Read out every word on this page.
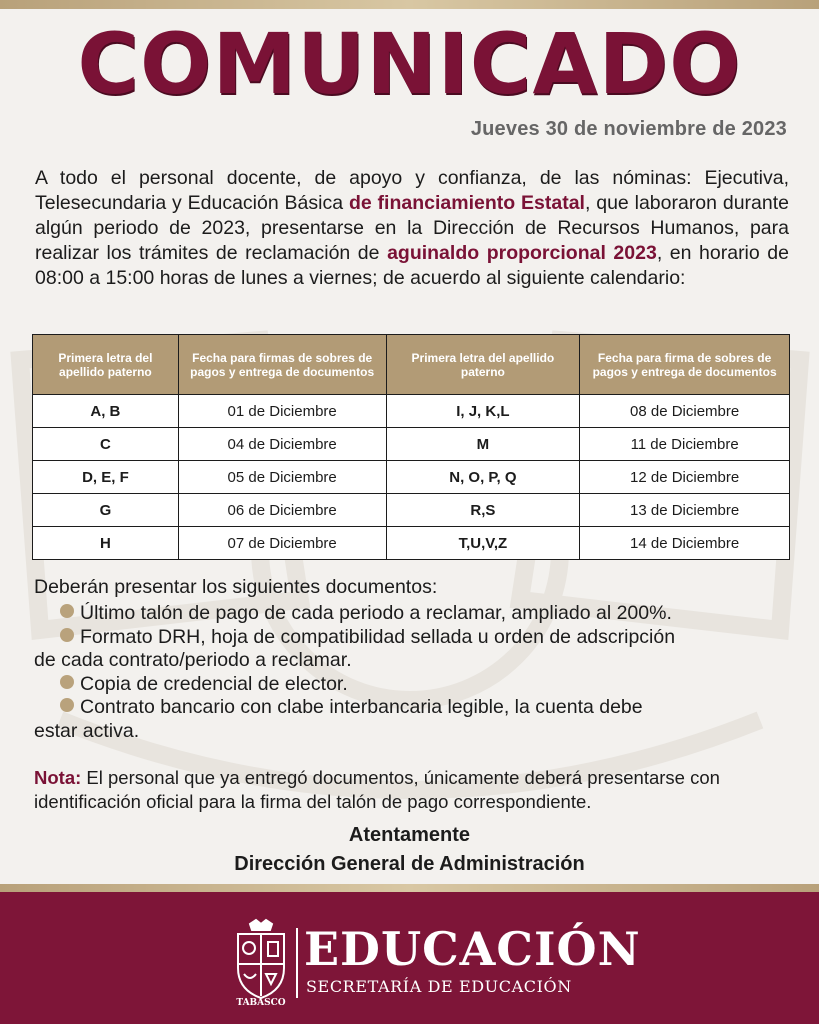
COMUNICADO
Jueves 30 de noviembre de 2023

A todo el personal docente, de apoyo y confianza, de las nóminas: Ejecutiva, Telesecundaria y Educación Básica de financiamiento Estatal, que laboraron durante algún periodo de 2023, presentarse en la Dirección de Recursos Humanos, para realizar los trámites de reclamación de aguinaldo proporcional 2023, en horario de 08:00 a 15:00 horas de lunes a viernes; de acuerdo al siguiente calendario:

Primera letra del apellido paterno	Fecha para firmas de sobres de pagos y entrega de documentos	Primera letra del apellido paterno	Fecha para firma de sobres de pagos y entrega de documentos
A, B	01 de Diciembre	I, J, K,L	08 de Diciembre
C	04 de Diciembre	M	11 de Diciembre
D, E, F	05 de Diciembre	N, O, P, Q	12 de Diciembre
G	06 de Diciembre	R,S	13 de Diciembre
H	07 de Diciembre	T,U,V,Z	14 de Diciembre
Deberán presentar los siguientes documentos:
Último talón de pago de cada periodo a reclamar, ampliado al 200%.
Formato DRH, hoja de compatibilidad sellada u orden de adscripción
de cada contrato/periodo a reclamar.
Copia de credencial de elector.
Contrato bancario con clabe interbancaria legible, la cuenta debe
estar activa.

Nota: El personal que ya entregó documentos, únicamente deberá presentarse con identificación oficial para la firma del talón de pago correspondiente.

Atentamente
Dirección General de Administración
TABASCO
EDUCACIÓN
SECRETARÍA DE EDUCACIÓN
